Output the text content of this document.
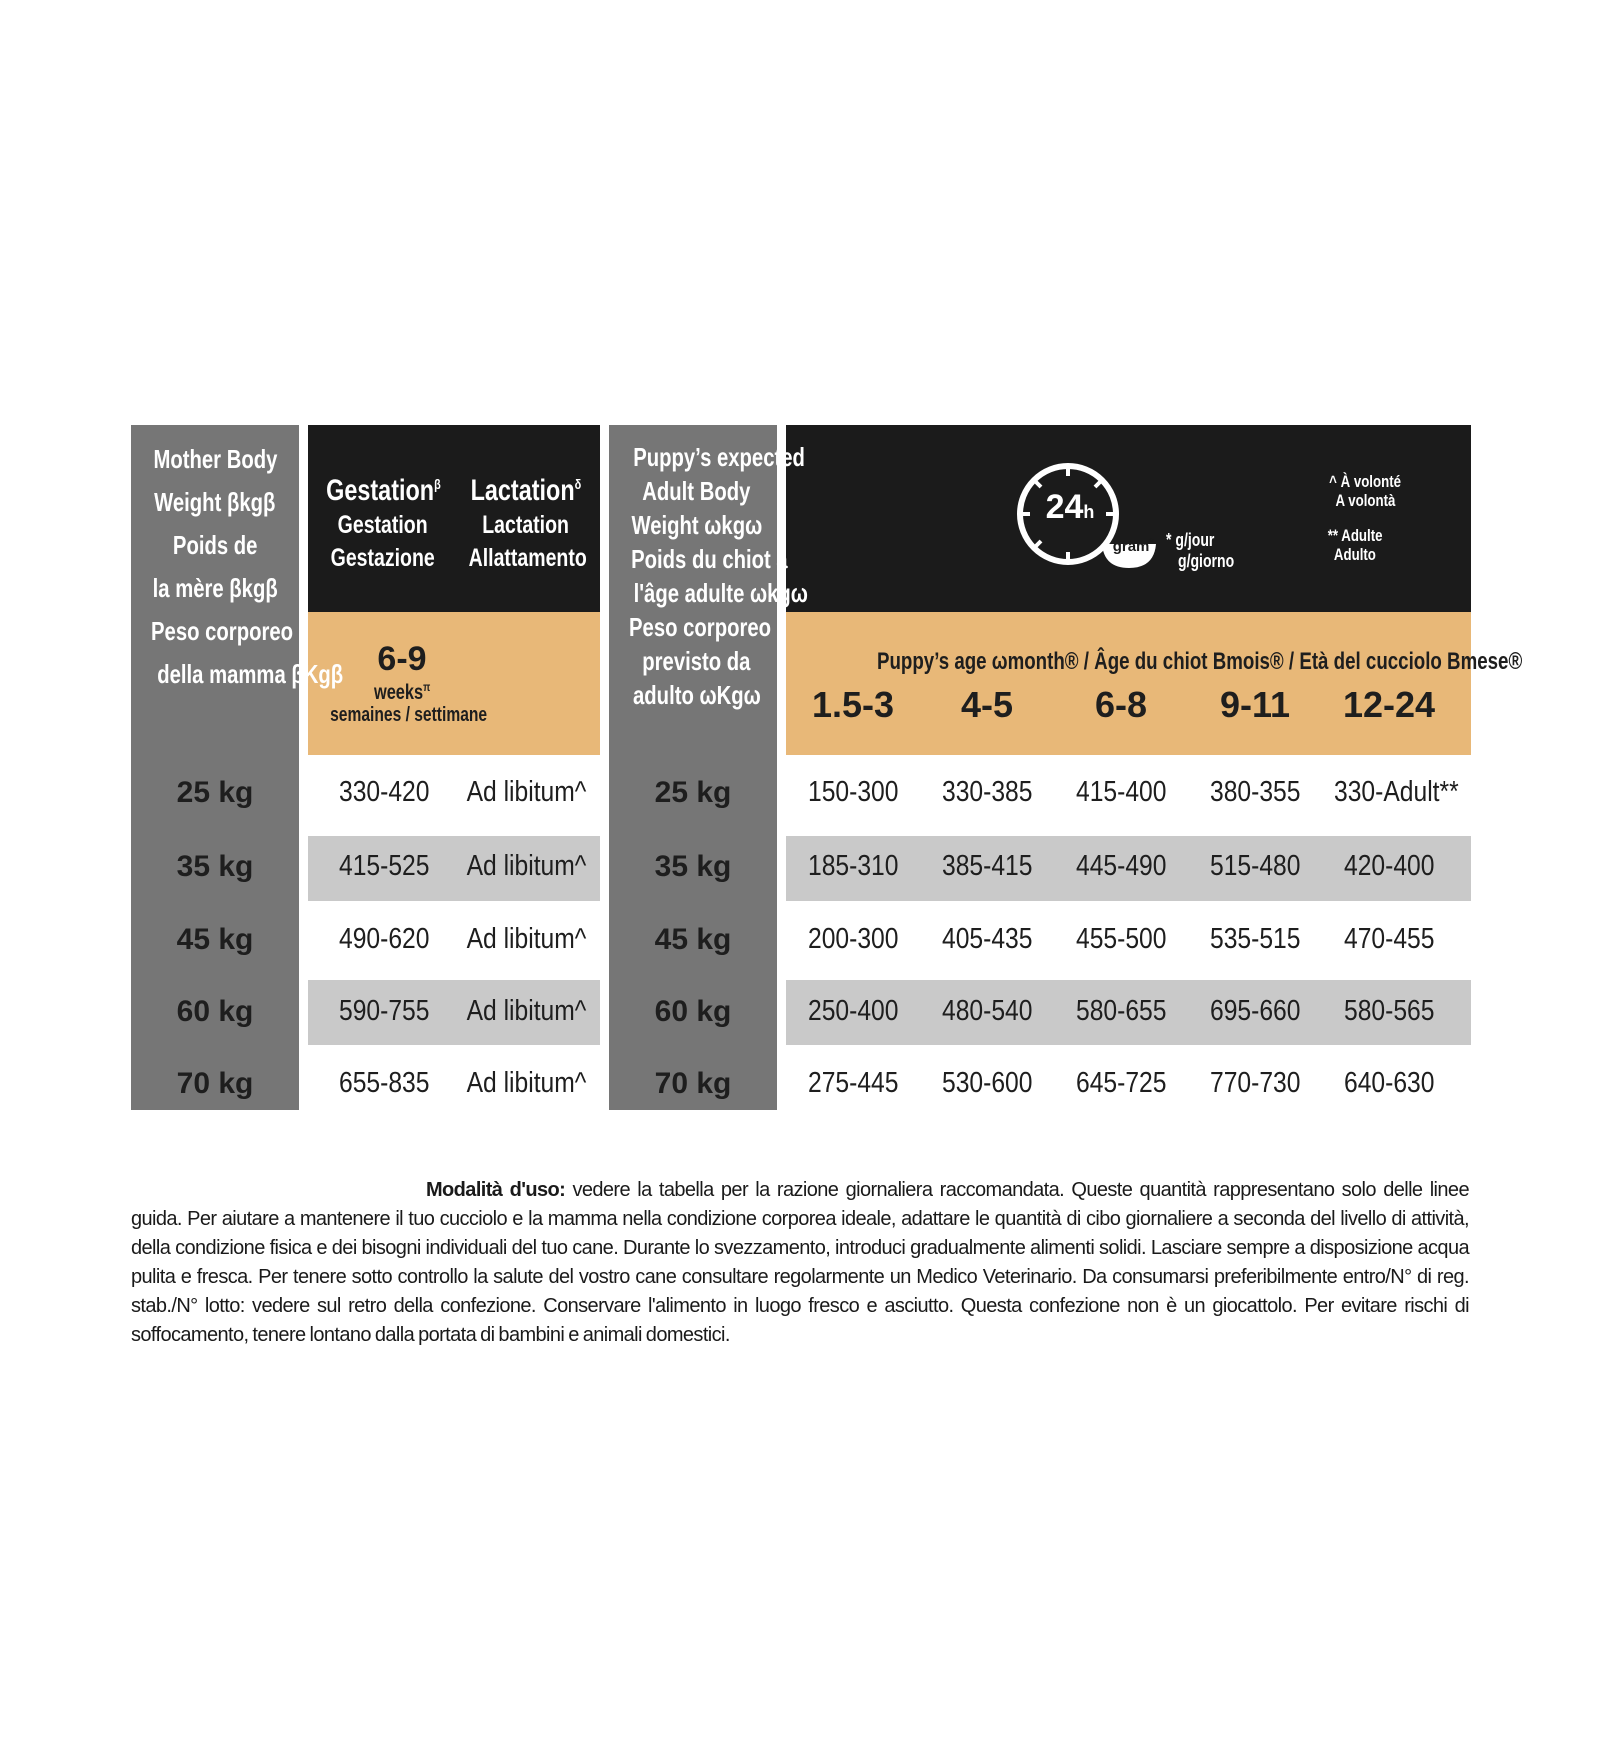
Mother Body
Weight βkgβ
Poids de
la mère βkgβ
Peso corporeo
della mamma βKgβ
Gestation$^\beta$
Gestation
Gestazione
Lactation$^\delta$
Lactation
Allattamento
6-9
weeks$^\pi$
semaines / settimane
Puppy’s expected
Adult Body
Weight ωkgω
Poids du chiot à
l'âge adulte ωkgω
Peso corporeo
previsto da
adulto ωKgω
24h
gram* * g/jour
g/giorno
^ À volonté
A volontà
** Adulte
Adulto
Puppy’s age ωmonth® / Âge du chiot Bmois® / Età del cucciolo Bmese®
1.5-3	4-5	6-8	9-11	12-24
25 kg	330-420	Ad libitum^	25 kg	150-300	330-385	415-400	380-355	330-Adult**
35 kg	415-525	Ad libitum^	35 kg	185-310	385-415	445-490	515-480	420-400
45 kg	490-620	Ad libitum^	45 kg	200-300	405-435	455-500	535-515	470-455
60 kg	590-755	Ad libitum^	60 kg	250-400	480-540	580-655	695-660	580-565
70 kg	655-835	Ad libitum^	70 kg	275-445	530-600	645-725	770-730	640-630

Modalità d'uso: vedere la tabella per la razione giornaliera raccomandata. Queste quantità rappresentano solo delle linee guida. Per aiutare a mantenere il tuo cucciolo e la mamma nella condizione corporea ideale, adattare le quantità di cibo giornaliere a seconda del livello di attività, della condizione fisica e dei bisogni individuali del tuo cane. Durante lo svezzamento, introduci gradualmente alimenti solidi. Lasciare sempre a disposizione acqua pulita e fresca. Per tenere sotto controllo la salute del vostro cane consultare regolarmente un Medico Veterinario. Da consumarsi preferibilmente entro/N° di reg. stab./N° lotto: vedere sul retro della confezione. Conservare l'alimento in luogo fresco e asciutto. Questa confezione non è un giocattolo. Per evitare rischi di soffocamento, tenere lontano dalla portata di bambini e animali domestici.
